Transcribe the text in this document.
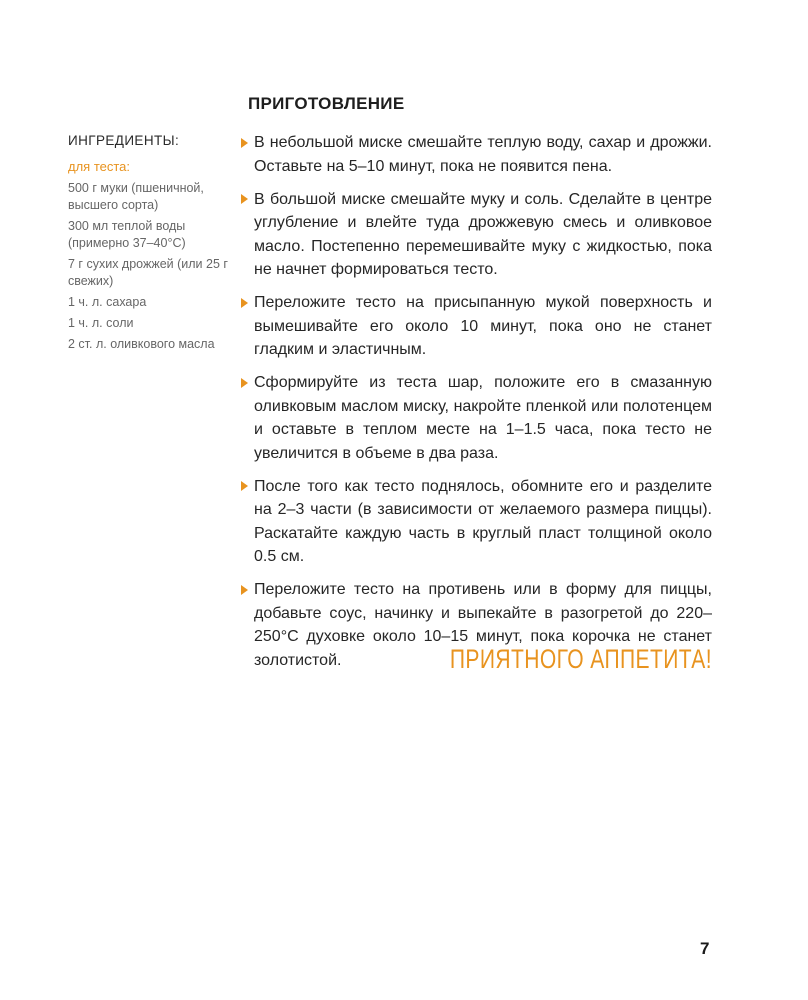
ПРИГОТОВЛЕНИЕ
ИНГРЕДИЕНТЫ:
для теста:
500 г муки (пшеничной, высшего сорта)
300 мл теплой воды (примерно 37–40°C)
7 г сухих дрожжей (или 25 г свежих)
1 ч. л. сахара
1 ч. л. соли
2 ст. л. оливкового масла
В небольшой миске смешайте теплую воду, сахар и дрожжи. Оставьте на 5–10 минут, пока не появится пена.
В большой миске смешайте муку и соль. Сделайте в центре углубление и влейте туда дрожжевую смесь и оливковое масло. Постепенно перемешивайте муку с жидкостью, пока не начнет формироваться тесто.
Переложите тесто на присыпанную мукой поверхность и вымешивайте его около 10 минут, пока оно не станет гладким и эластичным.
Сформируйте из теста шар, положите его в смазанную оливковым маслом миску, накройте пленкой или полотенцем и оставьте в теплом месте на 1–1.5 часа, пока тесто не увеличится в объеме в два раза.
После того как тесто поднялось, обомните его и разделите на 2–3 части (в зависимости от желаемого размера пиццы). Раскатайте каждую часть в круглый пласт толщиной около 0.5 см.
Переложите тесто на противень или в форму для пиццы, добавьте соус, начинку и выпекайте в разогретой до 220–250°C духовке около 10–15 минут, пока корочка не станет золотистой.	ПРИЯТНОГО АППЕТИТА!
7
